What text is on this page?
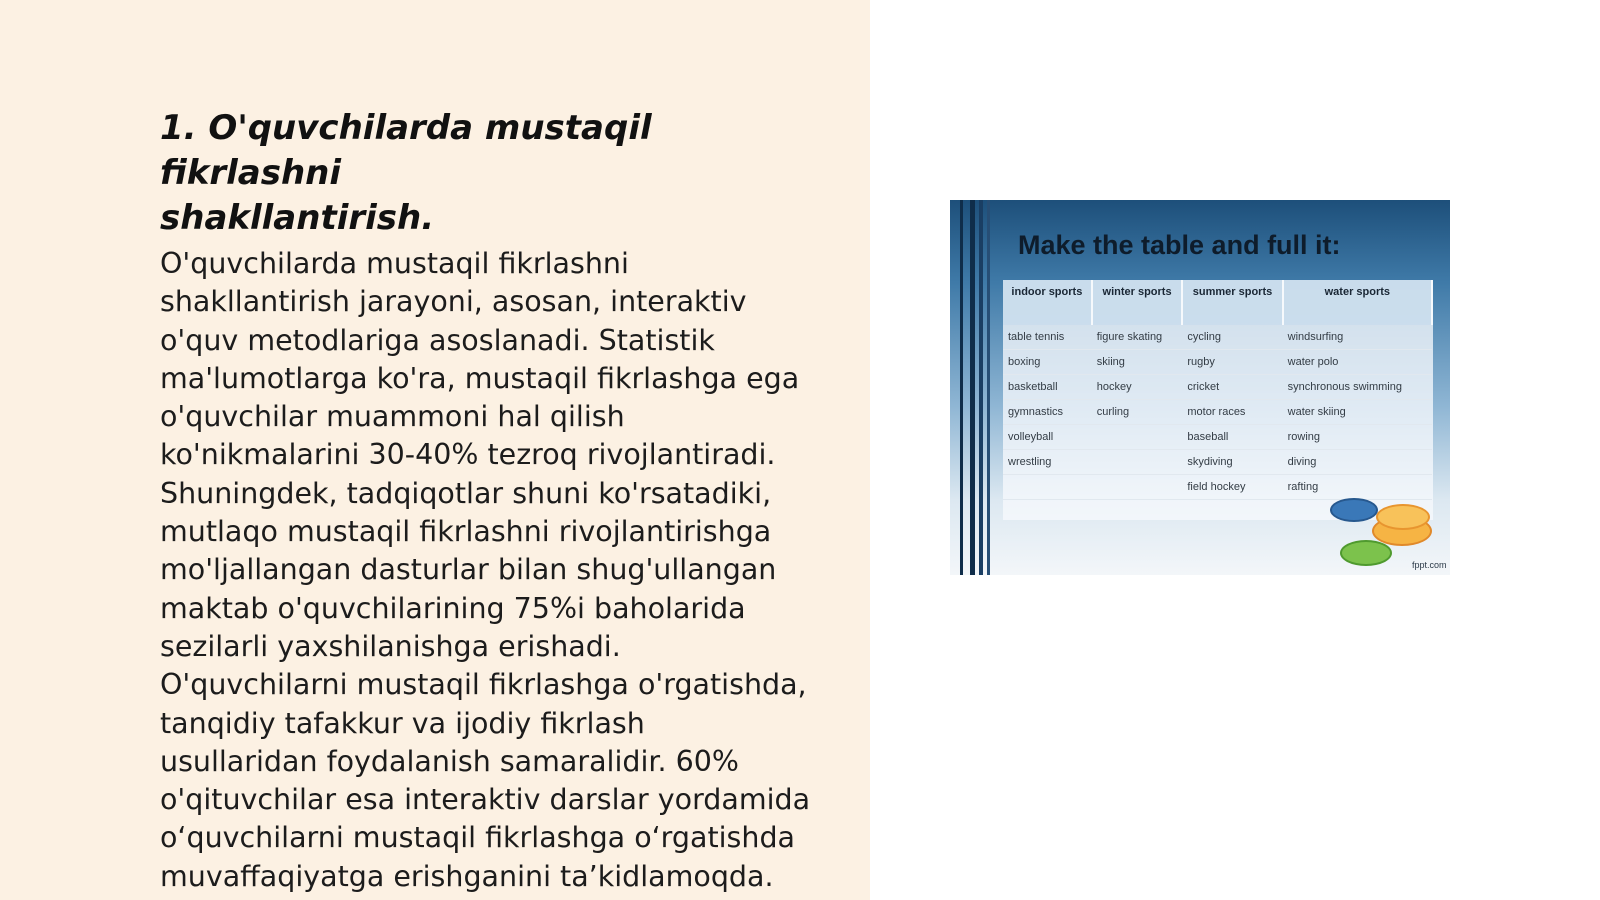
1. O'quvchilarda mustaqil fikrlashni
shakllantirish.

O'quvchilarda mustaqil fikrlashni
shakllantirish jarayoni, asosan, interaktiv
o'quv metodlariga asoslanadi. Statistik
ma'lumotlarga ko'ra, mustaqil fikrlashga ega
o'quvchilar muammoni hal qilish
ko'nikmalarini 30-40% tezroq rivojlantiradi.
Shuningdek, tadqiqotlar shuni ko'rsatadiki,
mutlaqo mustaqil fikrlashni rivojlantirishga
mo'ljallangan dasturlar bilan shug'ullangan
maktab o'quvchilarining 75%i baholarida
sezilarli yaxshilanishga erishadi.
O'quvchilarni mustaqil fikrlashga o'rgatishda,
tanqidiy tafakkur va ijodiy fikrlash
usullaridan foydalanish samaralidir. 60%
o'qituvchilar esa interaktiv darslar yordamida
o‘quvchilarni mustaqil fikrlashga o‘rgatishda
muvaffaqiyatga erishganini ta’kidlamoqda.

Make the table and full it:
indoor sports	winter sports	summer sports	water sports
table tennis	figure skating	cycling	windsurfing
boxing	skiing	rugby	water polo
basketball	hockey	cricket	synchronous swimming
gymnastics	curling	motor races	water skiing
volleyball		baseball	rowing
wrestling		skydiving	diving
		field hockey	rafting
fppt.com
